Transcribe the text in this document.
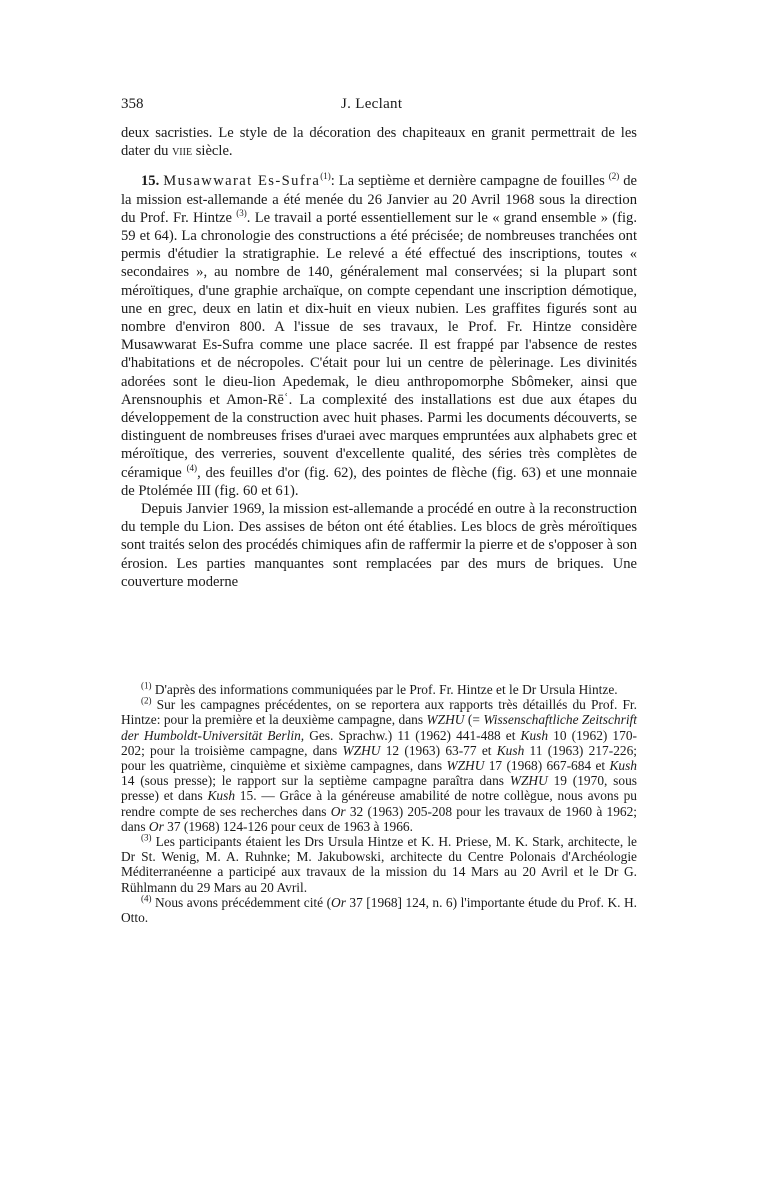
358	J. Leclant

deux sacristies. Le style de la décoration des chapiteaux en granit permettrait de les dater du viie siècle.

15. Musawwarat Es-Sufra$^{(1)}$: La septième et dernière campagne de fouilles $^{(2)}$ de la mission est-allemande a été menée du 26 Janvier au 20 Avril 1968 sous la direction du Prof. Fr. Hintze $^{(3)}$. Le travail a porté essentiellement sur le « grand ensemble » (fig. 59 et 64). La chronologie des constructions a été précisée; de nombreuses tranchées ont permis d'étudier la stratigraphie. Le relevé a été effectué des inscriptions, toutes « secondaires », au nombre de 140, généralement mal conservées; si la plupart sont méroïtiques, d'une graphie archaïque, on compte cependant une inscription démotique, une en grec, deux en latin et dix-huit en vieux nubien. Les graffites figurés sont au nombre d'environ 800. A l'issue de ses travaux, le Prof. Fr. Hintze considère Musawwarat Es-Sufra comme une place sacrée. Il est frappé par l'absence de restes d'habitations et de nécropoles. C'était pour lui un centre de pèlerinage. Les divinités adorées sont le dieu-lion Apedemak, le dieu anthropomorphe Sbômeker, ainsi que Arensnouphis et Amon-Rēʿ. La complexité des installations est due aux étapes du développement de la construction avec huit phases. Parmi les documents découverts, se distinguent de nombreuses frises d'uraei avec marques empruntées aux alphabets grec et méroïtique, des verreries, souvent d'excellente qualité, des séries très complètes de céramique $^{(4)}$, des feuilles d'or (fig. 62), des pointes de flèche (fig. 63) et une monnaie de Ptolémée III (fig. 60 et 61).

Depuis Janvier 1969, la mission est-allemande a procédé en outre à la reconstruction du temple du Lion. Des assises de béton ont été établies. Les blocs de grès méroïtiques sont traités selon des procédés chimiques afin de raffermir la pierre et de s'opposer à son érosion. Les parties manquantes sont remplacées par des murs de briques. Une couverture moderne

$^{(1)}$ D'après des informations communiquées par le Prof. Fr. Hintze et le Dr Ursula Hintze.

$^{(2)}$ Sur les campagnes précédentes, on se reportera aux rapports très détaillés du Prof. Fr. Hintze: pour la première et la deuxième campagne, dans WZHU (= Wissenschaftliche Zeitschrift der Humboldt-Universität Berlin, Ges. Sprachw.) 11 (1962) 441-488 et Kush 10 (1962) 170-202; pour la troisième campagne, dans WZHU 12 (1963) 63-77 et Kush 11 (1963) 217-226; pour les quatrième, cinquième et sixième campagnes, dans WZHU 17 (1968) 667-684 et Kush 14 (sous presse); le rapport sur la septième campagne paraîtra dans WZHU 19 (1970, sous presse) et dans Kush 15. — Grâce à la généreuse amabilité de notre collègue, nous avons pu rendre compte de ses recherches dans Or 32 (1963) 205-208 pour les travaux de 1960 à 1962; dans Or 37 (1968) 124-126 pour ceux de 1963 à 1966.

$^{(3)}$ Les participants étaient les Drs Ursula Hintze et K. H. Priese, M. K. Stark, architecte, le Dr St. Wenig, M. A. Ruhnke; M. Jakubowski, architecte du Centre Polonais d'Archéologie Méditerranéenne a participé aux travaux de la mission du 14 Mars au 20 Avril et le Dr G. Rühlmann du 29 Mars au 20 Avril.

$^{(4)}$ Nous avons précédemment cité (Or 37 [1968] 124, n. 6) l'importante étude du Prof. K. H. Otto.
